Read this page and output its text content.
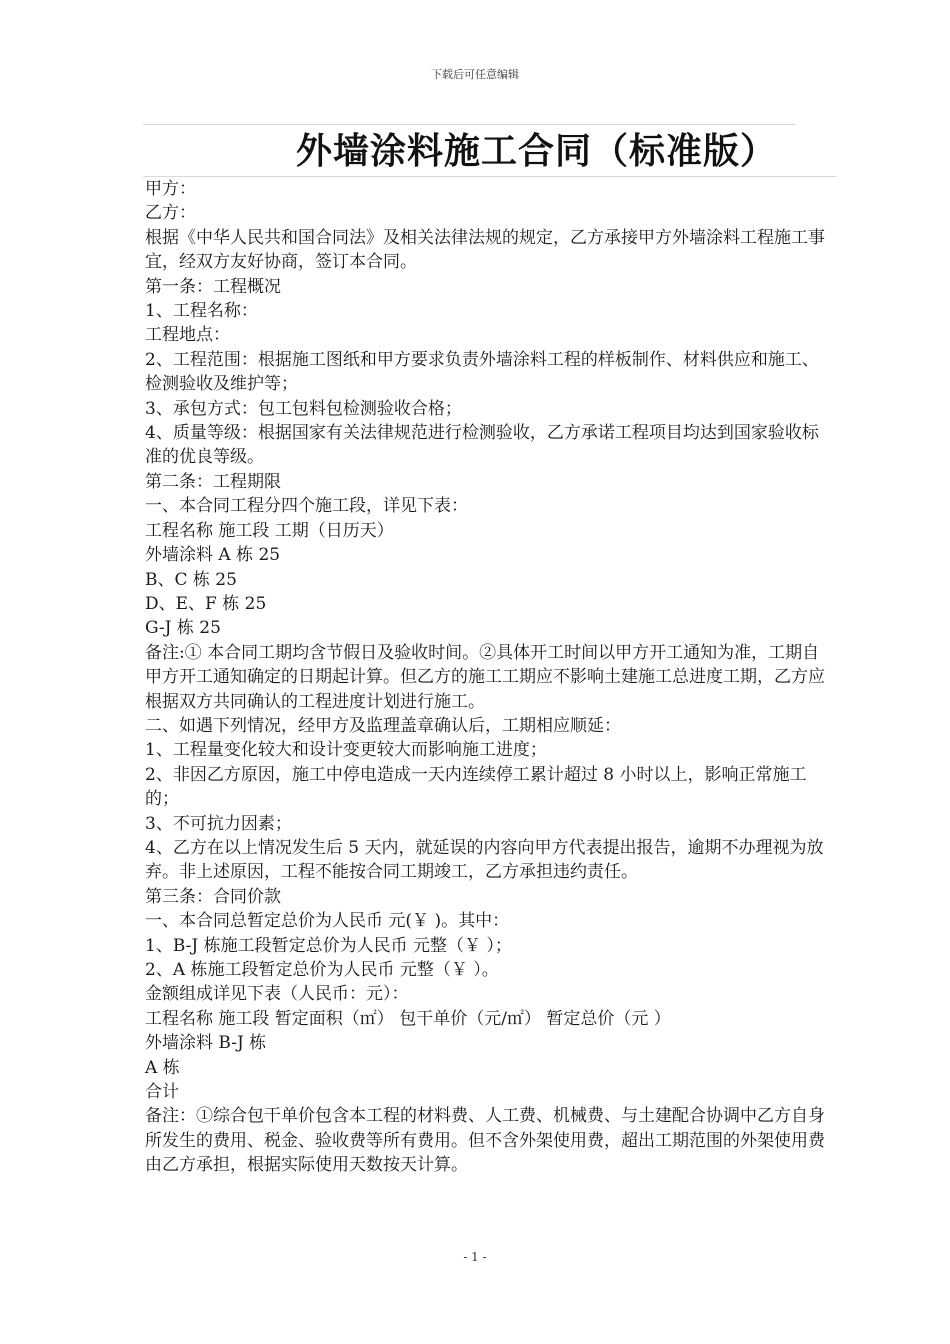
下载后可任意编辑
外墙涂料施工合同（标准版）

甲方：

乙方：

根据《中华人民共和国合同法》及相关法律法规的规定，乙方承接甲方外墙涂料工程施工事宜，经双方友好协商，签订本合同。

第一条：工程概况

1、工程名称：

工程地点：

2、工程范围：根据施工图纸和甲方要求负责外墙涂料工程的样板制作、材料供应和施工、检测验收及维护等；

3、承包方式：包工包料包检测验收合格；

4、质量等级：根据国家有关法律规范进行检测验收，乙方承诺工程项目均达到国家验收标准的优良等级。

第二条：工程期限

一、本合同工程分四个施工段，详见下表：

工程名称 施工段 工期（日历天）

外墙涂料 A 栋 25

B、C 栋 25

D、E、F 栋 25

G-J 栋 25

备注:① 本合同工期均含节假日及验收时间。②具体开工时间以甲方开工通知为准，工期自甲方开工通知确定的日期起计算。但乙方的施工工期应不影响土建施工总进度工期，乙方应根据双方共同确认的工程进度计划进行施工。

二、如遇下列情况，经甲方及监理盖章确认后，工期相应顺延：

1、工程量变化较大和设计变更较大而影响施工进度；

2、非因乙方原因，施工中停电造成一天内连续停工累计超过 8 小时以上，影响正常施工的；

3、不可抗力因素；

4、乙方在以上情况发生后 5 天内，就延误的内容向甲方代表提出报告，逾期不办理视为放弃。非上述原因，工程不能按合同工期竣工，乙方承担违约责任。

第三条：合同价款

一、本合同总暂定总价为人民币 元(￥ )。其中：

1、B-J 栋施工段暂定总价为人民币 元整（￥ ）；

2、A 栋施工段暂定总价为人民币 元整（￥ ）。

金额组成详见下表（人民币：元）：

工程名称 施工段 暂定面积（㎡） 包干单价（元/㎡） 暂定总价（元 ）

外墙涂料 B-J 栋

A 栋

合计

备注：①综合包干单价包含本工程的材料费、人工费、机械费、与土建配合协调中乙方自身所发生的费用、税金、验收费等所有费用。但不含外架使用费，超出工期范围的外架使用费由乙方承担，根据实际使用天数按天计算。

- 1 -
